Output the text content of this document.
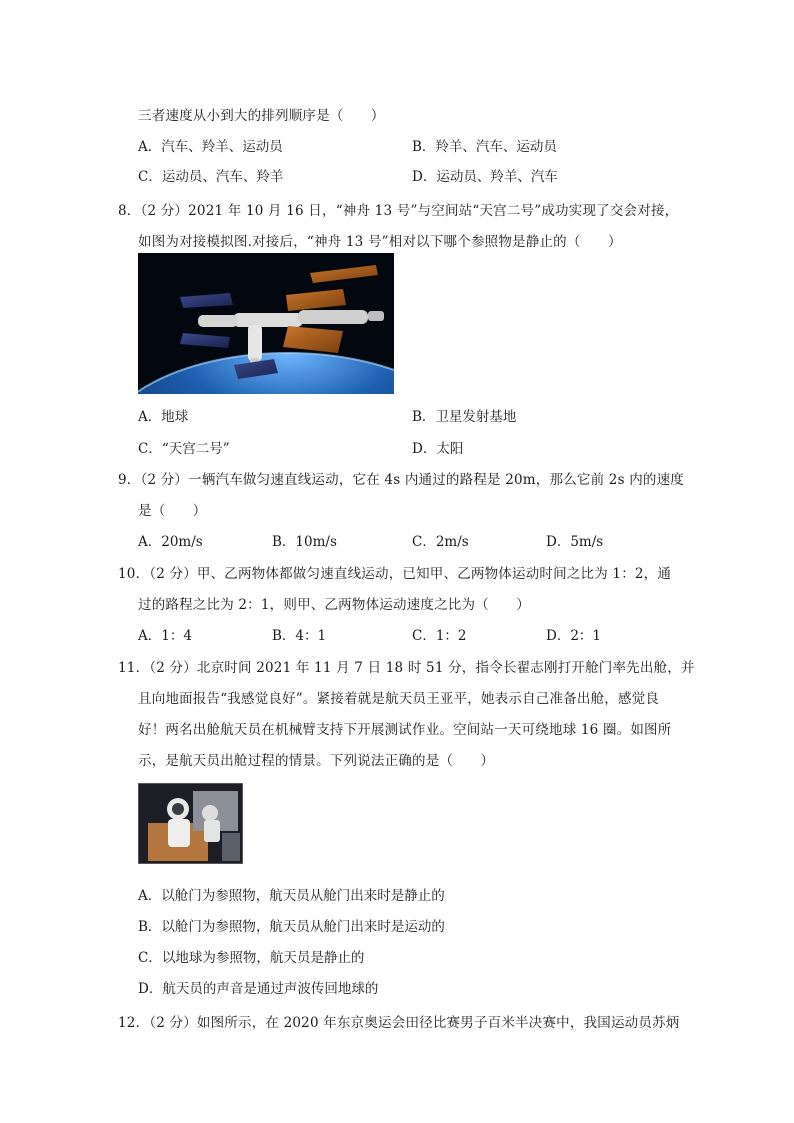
三者速度从小到大的排列顺序是（　　）
A．汽车、羚羊、运动员	B．羚羊、汽车、运动员
C．运动员、汽车、羚羊	D．运动员、羚羊、汽车
8．（2 分）2021 年 10 月 16 日，“神舟 13 号”与空间站“天宫二号”成功实现了交会对接，
如图为对接模拟图.对接后，“神舟 13 号”相对以下哪个参照物是静止的（　　）
A．地球	B．卫星发射基地
C．“天宫二号”	D．太阳
9．（2 分）一辆汽车做匀速直线运动，它在 4s 内通过的路程是 20m，那么它前 2s 内的速度
是（　　）
A．20m/s	B．10m/s	C．2m/s	D．5m/s
10．（2 分）甲、乙两物体都做匀速直线运动，已知甲、乙两物体运动时间之比为 1：2，通
过的路程之比为 2：1，则甲、乙两物体运动速度之比为（　　）
A．1：4	B．4：1	C．1：2	D．2：1
11．（2 分）北京时间 2021 年 11 月 7 日 18 时 51 分，指令长翟志刚打开舱门率先出舱，并
且向地面报告“我感觉良好”。紧接着就是航天员王亚平，她表示自己准备出舱，感觉良
好！两名出舱航天员在机械臂支持下开展测试作业。空间站一天可绕地球 16 圈。如图所
示，是航天员出舱过程的情景。下列说法正确的是（　　）
A．以舱门为参照物，航天员从舱门出来时是静止的
B．以舱门为参照物，航天员从舱门出来时是运动的
C．以地球为参照物，航天员是静止的
D．航天员的声音是通过声波传回地球的
12．（2 分）如图所示，在 2020 年东京奥运会田径比赛男子百米半决赛中，我国运动员苏炳
